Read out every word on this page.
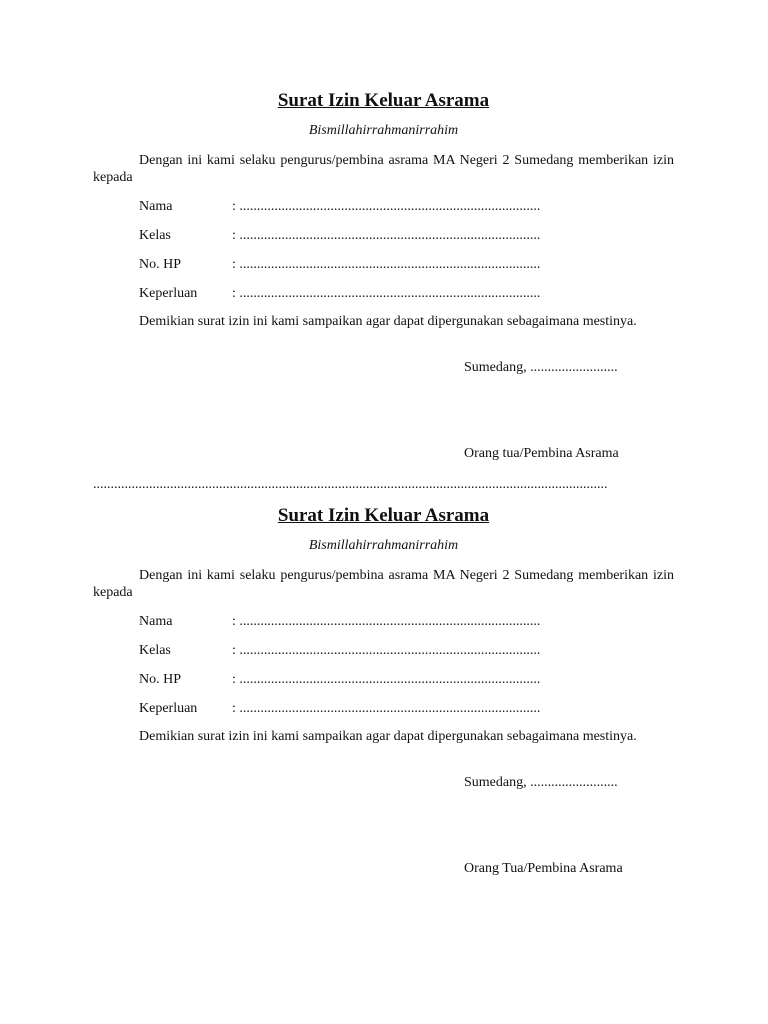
Surat Izin Keluar Asrama
Bismillahirrahmanirrahim
Dengan ini kami selaku pengurus/pembina asrama MA Negeri 2 Sumedang memberikan izin kepada
Nama	: ......................................................................................
Kelas	: ......................................................................................
No. HP	: ......................................................................................
Keperluan : ......................................................................................
Demikian surat izin ini kami sampaikan agar dapat dipergunakan sebagaimana mestinya.
Sumedang, .........................
Orang tua/Pembina Asrama
...................................................................................................................................................
Surat Izin Keluar Asrama
Bismillahirrahmanirrahim
Dengan ini kami selaku pengurus/pembina asrama MA Negeri 2 Sumedang memberikan izin kepada
Nama	: ......................................................................................
Kelas	: ......................................................................................
No. HP	: ......................................................................................
Keperluan : ......................................................................................
Demikian surat izin ini kami sampaikan agar dapat dipergunakan sebagaimana mestinya.
Sumedang, .........................
Orang Tua/Pembina Asrama
